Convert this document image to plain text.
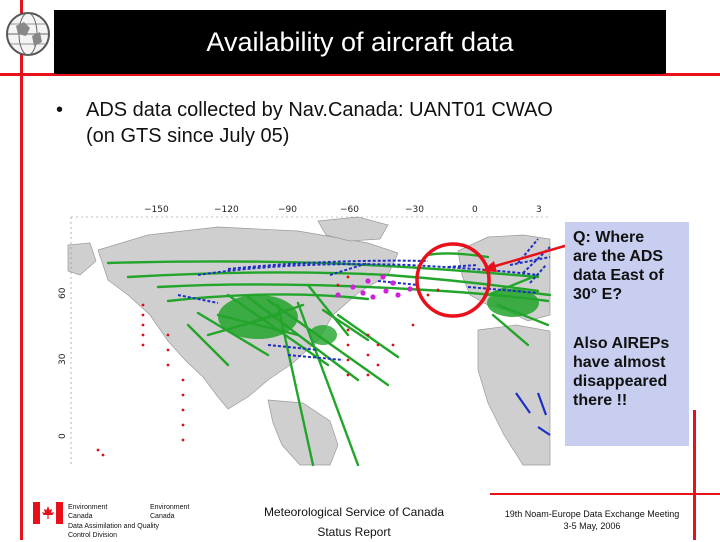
Availability of aircraft data
• ADS data collected by Nav.Canada: UANT01 CWAO
(on GTS since July 05)
−150	−120	−90	−60	−30	0	3
60
30
0
Q: Where
are the ADS
data East of
30° E?
Also AIREPs
have almost
disappeared
there !!
Environment	Environment
Canada	Canada
Data Assimilation and Quality
Control Division
Meteorological Service of Canada
Status Report
19th Noam-Europe Data Exchange Meeting
3-5 May, 2006
